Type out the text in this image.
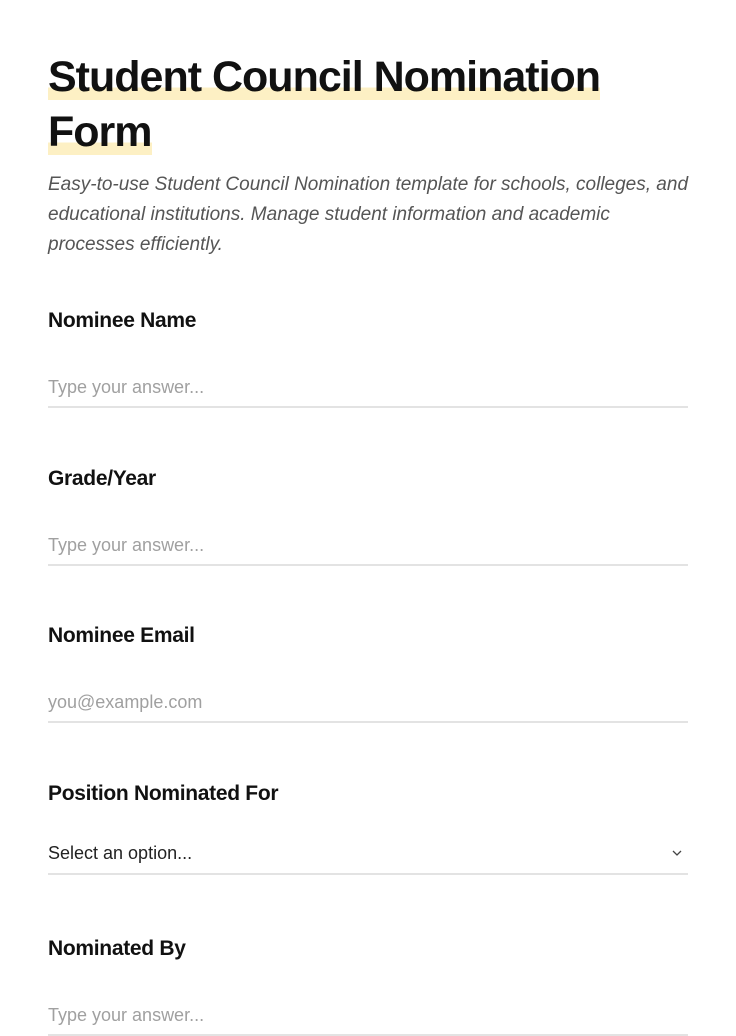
Student Council Nomination Form

Easy-to-use Student Council Nomination template for schools, colleges, and educational institutions. Manage student information and academic processes efficiently.

Nominee Name
Type your answer...
Grade/Year
Type your answer...
Nominee Email
you@example.com
Position Nominated For
Select an option...
Nominated By
Type your answer...
